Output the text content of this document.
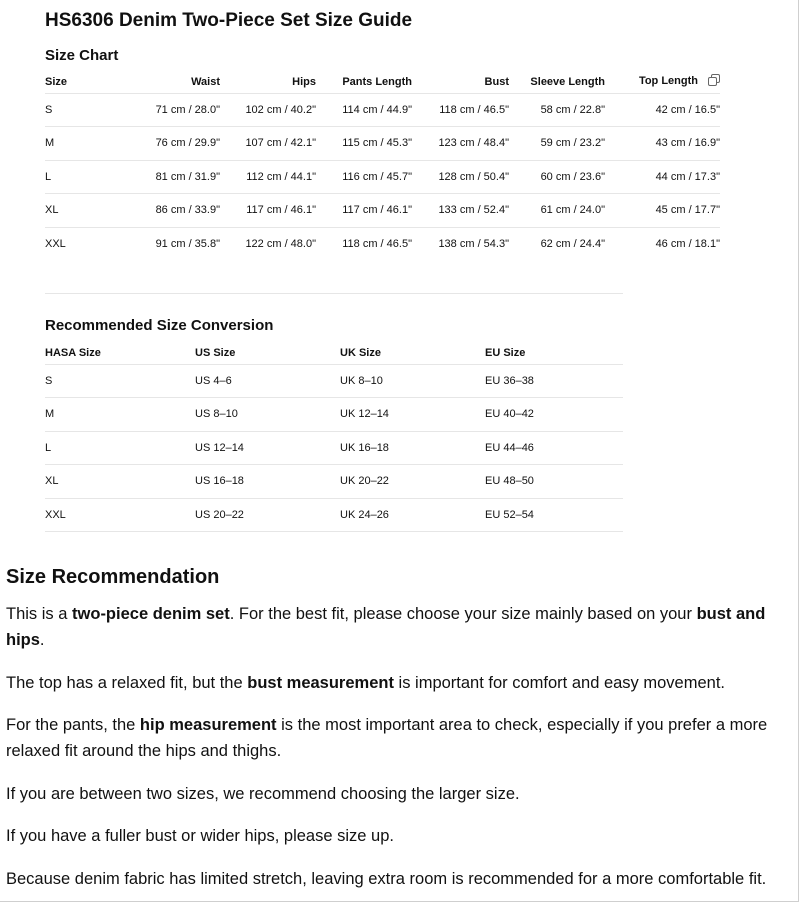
HS6306 Denim Two-Piece Set Size Guide
Size Chart
Size	Waist	Hips	Pants Length	Bust	Sleeve Length	Top Length
S	71 cm / 28.0"	102 cm / 40.2"	114 cm / 44.9"	118 cm / 46.5"	58 cm / 22.8"	42 cm / 16.5"
M	76 cm / 29.9"	107 cm / 42.1"	115 cm / 45.3"	123 cm / 48.4"	59 cm / 23.2"	43 cm / 16.9"
L	81 cm / 31.9"	112 cm / 44.1"	116 cm / 45.7"	128 cm / 50.4"	60 cm / 23.6"	44 cm / 17.3"
XL	86 cm / 33.9"	117 cm / 46.1"	117 cm / 46.1"	133 cm / 52.4"	61 cm / 24.0"	45 cm / 17.7"
XXL	91 cm / 35.8"	122 cm / 48.0"	118 cm / 46.5"	138 cm / 54.3"	62 cm / 24.4"	46 cm / 18.1"
Recommended Size Conversion
HASA Size	US Size	UK Size	EU Size
S	US 4–6	UK 8–10	EU 36–38
M	US 8–10	UK 12–14	EU 40–42
L	US 12–14	UK 16–18	EU 44–46
XL	US 16–18	UK 20–22	EU 48–50
XXL	US 20–22	UK 24–26	EU 52–54
Size Recommendation

This is a two-piece denim set. For the best fit, please choose your size mainly based on your bust and hips.

The top has a relaxed fit, but the bust measurement is important for comfort and easy movement.

For the pants, the hip measurement is the most important area to check, especially if you prefer a more relaxed fit around the hips and thighs.

If you are between two sizes, we recommend choosing the larger size.

If you have a fuller bust or wider hips, please size up.

Because denim fabric has limited stretch, leaving extra room is recommended for a more comfortable fit.
